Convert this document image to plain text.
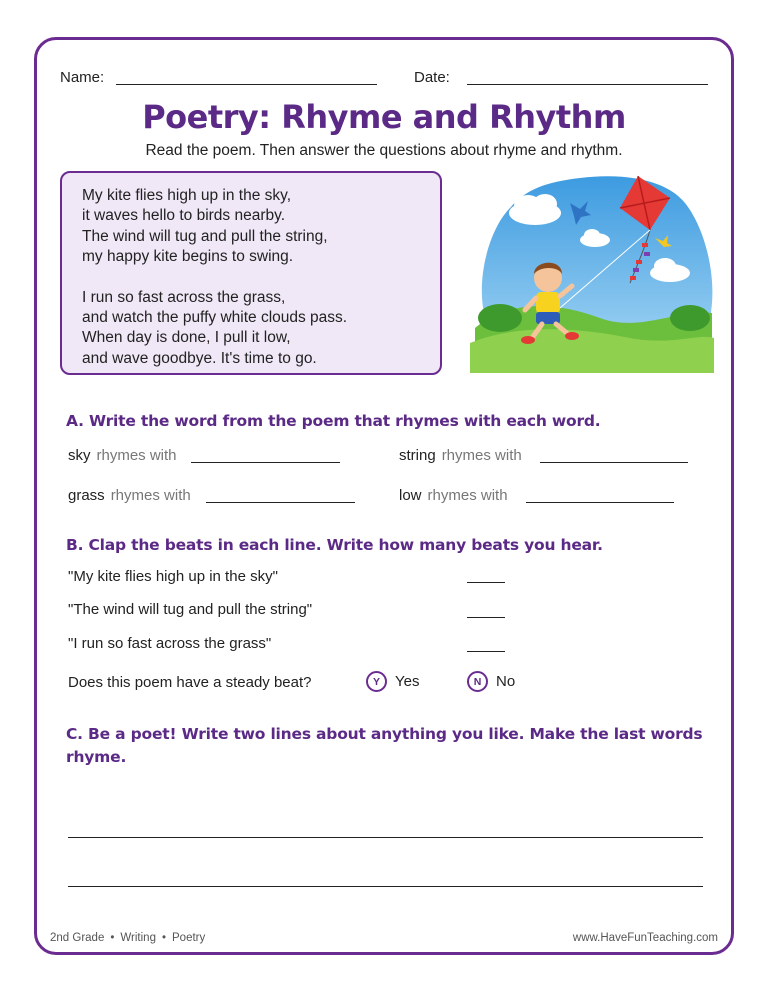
Name:	Date:
Poetry: Rhyme and Rhythm
Read the poem. Then answer the questions about rhyme and rhythm.
My kite flies high up in the sky,
it waves hello to birds nearby.
The wind will tug and pull the string,
my happy kite begins to swing.
I run so fast across the grass,
and watch the puffy white clouds pass.
When day is done, I pull it low,
and wave goodbye. It's time to go.
A. Write the word from the poem that rhymes with each word.
sky rhymes with	string rhymes with
grass rhymes with	low rhymes with
B. Clap the beats in each line. Write how many beats you hear.
"My kite flies high up in the sky"
"The wind will tug and pull the string"
"I run so fast across the grass"
Does this poem have a steady beat?	Y	Yes	N No
C. Be a poet! Write two lines about anything you like. Make the last words
rhyme.
2nd Grade • Writing • Poetry	www.HaveFunTeaching.com
